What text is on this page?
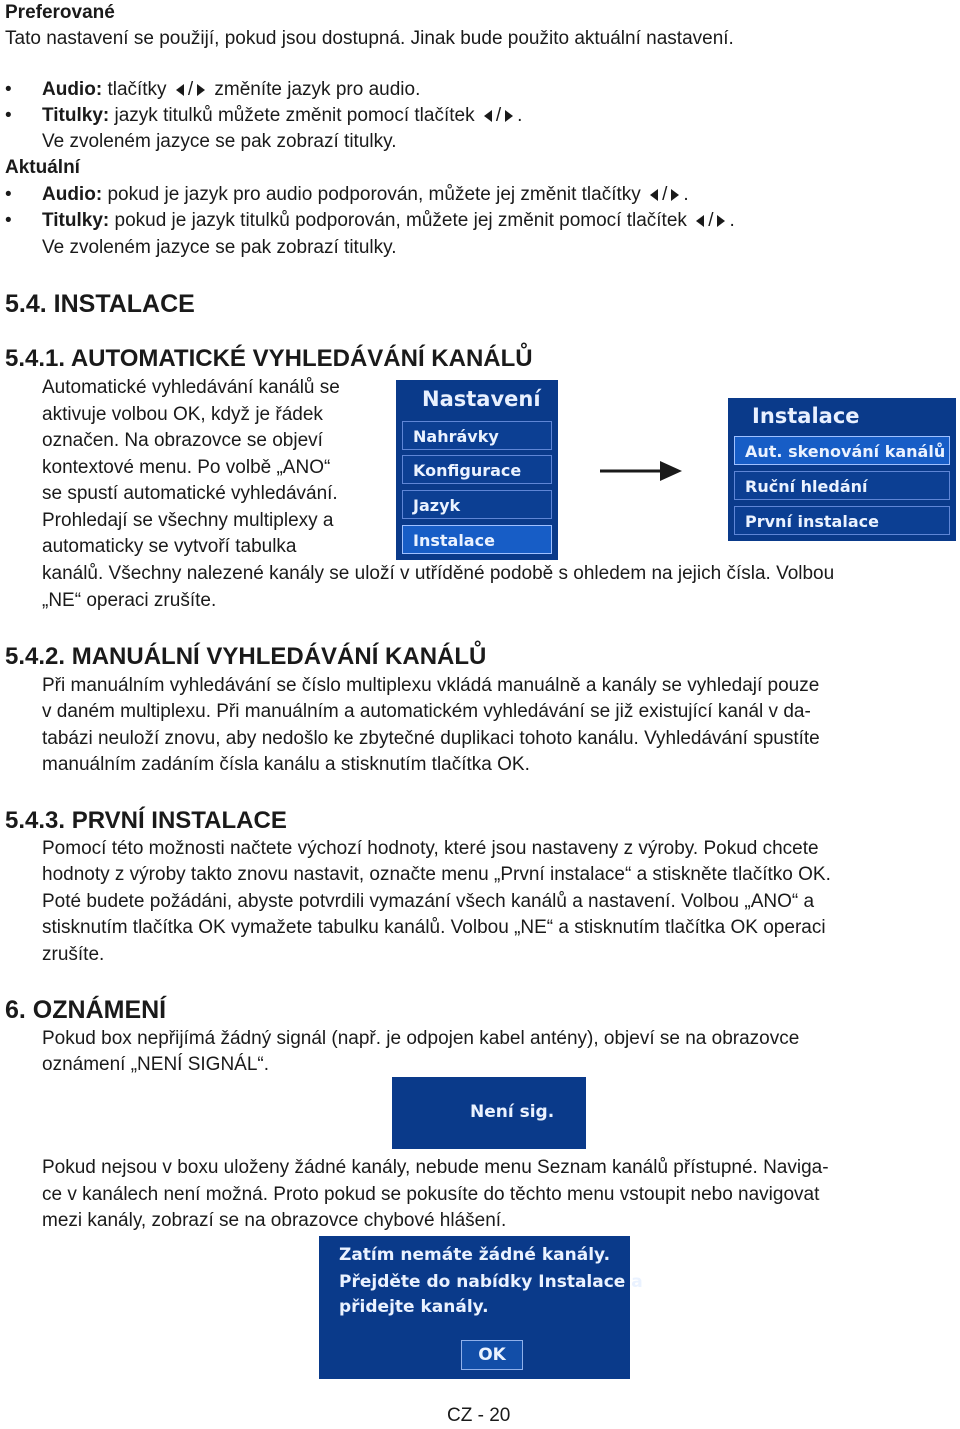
Preferované
Tato nastavení se použijí, pokud jsou dostupná. Jinak bude použito aktuální nastavení.
• Audio: tlačítky / změníte jazyk pro audio.
• Titulky: jazyk titulků můžete změnit pomocí tlačítek / .
Ve zvoleném jazyce se pak zobrazí titulky.
Aktuální
• Audio: pokud je jazyk pro audio podporován, můžete jej změnit tlačítky / .
• Titulky: pokud je jazyk titulků podporován, můžete jej změnit pomocí tlačítek / .
Ve zvoleném jazyce se pak zobrazí titulky.
5.4. INSTALACE
5.4.1. AUTOMATICKÉ VYHLEDÁVÁNÍ KANÁLŮ
Automatické vyhledávání kanálů se
aktivuje volbou OK, když je řádek
označen. Na obrazovce se objeví
kontextové menu. Po volbě „ANO“
se spustí automatické vyhledávání.
Prohledají se všechny multiplexy a
automaticky se vytvoří tabulka
kanálů. Všechny nalezené kanály se uloží v utříděné podobě s ohledem na jejich čísla. Volbou
„NE“ operaci zrušíte.
Nastavení
Nahrávky
Konfigurace
Jazyk
Instalace
Instalace
Aut. skenování kanálů
Ruční hledání
První instalace
5.4.2. MANUÁLNÍ VYHLEDÁVÁNÍ KANÁLŮ
Při manuálním vyhledávání se číslo multiplexu vkládá manuálně a kanály se vyhledají pouze
v daném multiplexu. Při manuálním a automatickém vyhledávání se již existující kanál v da-
tabázi neuloží znovu, aby nedošlo ke zbytečné duplikaci tohoto kanálu. Vyhledávání spustíte
manuálním zadáním čísla kanálu a stisknutím tlačítka OK.
5.4.3. PRVNÍ INSTALACE
Pomocí této možnosti načtete výchozí hodnoty, které jsou nastaveny z výroby. Pokud chcete
hodnoty z výroby takto znovu nastavit, označte menu „První instalace“ a stiskněte tlačítko OK.
Poté budete požádáni, abyste potvrdili vymazání všech kanálů a nastavení. Volbou „ANO“ a
stisknutím tlačítka OK vymažete tabulku kanálů. Volbou „NE“ a stisknutím tlačítka OK operaci
zrušíte.
6. OZNÁMENÍ
Pokud box nepřijímá žádný signál (např. je odpojen kabel antény), objeví se na obrazovce
oznámení „NENÍ SIGNÁL“.
Není sig.
Pokud nejsou v boxu uloženy žádné kanály, nebude menu Seznam kanálů přístupné. Naviga-
ce v kanálech není možná. Proto pokud se pokusíte do těchto menu vstoupit nebo navigovat
mezi kanály, zobrazí se na obrazovce chybové hlášení.
Zatím nemáte žádné kanály.
Přejděte do nabídky Instalace a
přidejte kanály.
OK
CZ - 20
